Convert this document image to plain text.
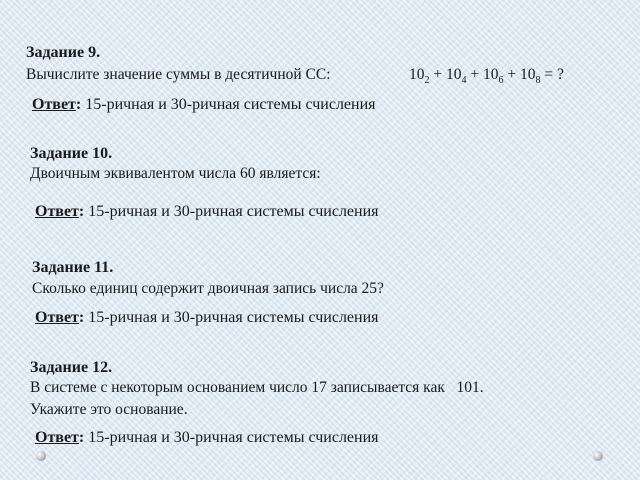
Задание 9.
Вычислите значение суммы в десятичной СС:	$10_2 + 10_4 + 10_6 + 10_8$ = ?
Ответ: 15-ричная и 30-ричная системы счисления
Задание 10.
Двоичным эквивалентом числа 60 является:
Ответ: 15-ричная и 30-ричная системы счисления
Задание 11.
Сколько единиц содержит двоичная запись числа 25?
Ответ: 15-ричная и 30-ричная системы счисления
Задание 12.
В системе с некоторым основанием число 17 записывается как 101.
Укажите это основание.
Ответ: 15-ричная и 30-ричная системы счисления
